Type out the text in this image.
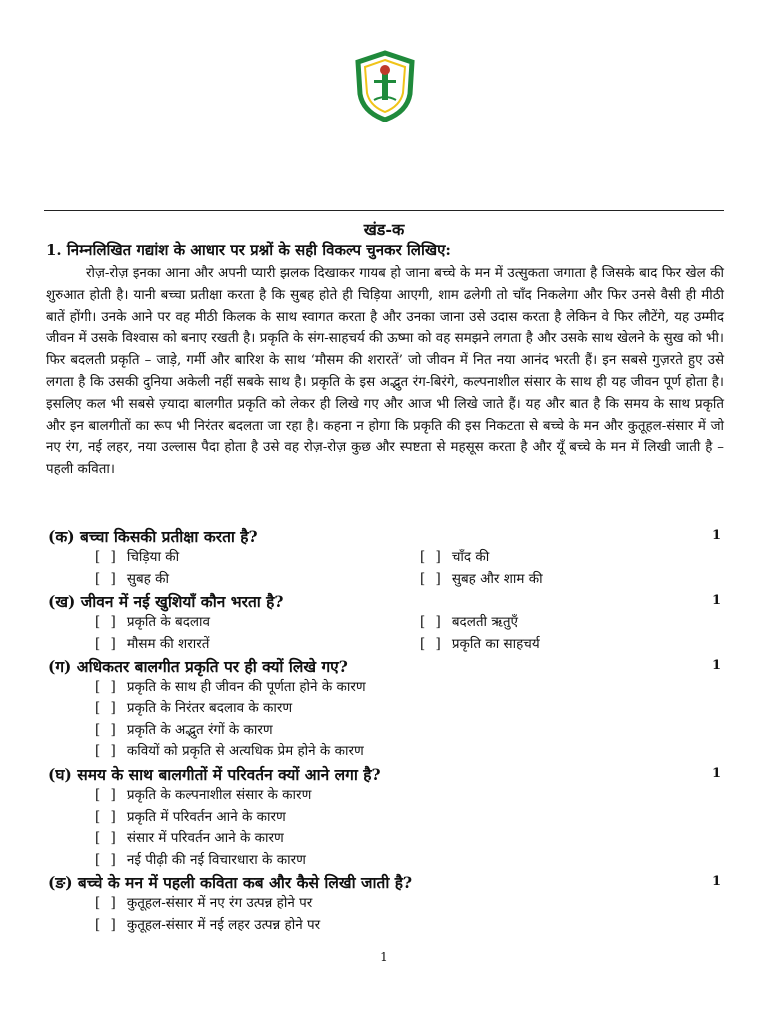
खंड-क
1. निम्नलिखित गद्यांश के आधार पर प्रश्नों के सही विकल्प चुनकर लिखिए:

रोज़-रोज़ इनका आना और अपनी प्यारी झलक दिखाकर गायब हो जाना बच्चे के मन में उत्सुकता जगाता है जिसके बाद फिर खेल की शुरुआत होती है। यानी बच्चा प्रतीक्षा करता है कि सुबह होते ही चिड़िया आएगी, शाम ढलेगी तो चाँद निकलेगा और फिर उनसे वैसी ही मीठी बातें होंगी। उनके आने पर वह मीठी किलक के साथ स्वागत करता है और उनका जाना उसे उदास करता है लेकिन वे फिर लौटेंगे, यह उम्मीद जीवन में उसके विश्वास को बनाए रखती है। प्रकृति के संग-साहचर्य की ऊष्मा को वह समझने लगता है और उसके साथ खेलने के सुख को भी। फिर बदलती प्रकृति – जाड़े, गर्मी और बारिश के साथ ‘मौसम की शरारतें’ जो जीवन में नित नया आनंद भरती हैं। इन सबसे गुज़रते हुए उसे लगता है कि उसकी दुनिया अकेली नहीं सबके साथ है। प्रकृति के इस अद्भुत रंग-बिरंगे, कल्पनाशील संसार के साथ ही यह जीवन पूर्ण होता है। इसलिए कल भी सबसे ज़्यादा बालगीत प्रकृति को लेकर ही लिखे गए और आज भी लिखे जाते हैं। यह और बात है कि समय के साथ प्रकृति और इन बालगीतों का रूप भी निरंतर बदलता जा रहा है। कहना न होगा कि प्रकृति की इस निकटता से बच्चे के मन और कुतूहल-संसार में जो नए रंग, नई लहर, नया उल्लास पैदा होता है उसे वह रोज़-रोज़ कुछ और स्पष्टता से महसूस करता है और यूँ बच्चे के मन में लिखी जाती है – पहली कविता।

(क) बच्चा किसकी प्रतीक्षा करता है?	1
[ ] चिड़िया की	[ ] चाँद की
[ ] सुबह की	[ ] सुबह और शाम की
(ख) जीवन में नई खुशियाँ कौन भरता है?	1
[ ] प्रकृति के बदलाव	[ ] बदलती ऋतुएँ
[ ] मौसम की शरारतें	[ ] प्रकृति का साहचर्य
(ग) अधिकतर बालगीत प्रकृति पर ही क्यों लिखे गए?	1
[ ] प्रकृति के साथ ही जीवन की पूर्णता होने के कारण
[ ] प्रकृति के निरंतर बदलाव के कारण
[ ] प्रकृति के अद्भुत रंगों के कारण
[ ] कवियों को प्रकृति से अत्यधिक प्रेम होने के कारण
(घ) समय के साथ बालगीतों में परिवर्तन क्यों आने लगा है?	1
[ ] प्रकृति के कल्पनाशील संसार के कारण
[ ] प्रकृति में परिवर्तन आने के कारण
[ ] संसार में परिवर्तन आने के कारण
[ ] नई पीढ़ी की नई विचारधारा के कारण
(ङ) बच्चे के मन में पहली कविता कब और कैसे लिखी जाती है?	1
[ ] कुतूहल-संसार में नए रंग उत्पन्न होने पर
[ ] कुतूहल-संसार में नई लहर उत्पन्न होने पर
1
